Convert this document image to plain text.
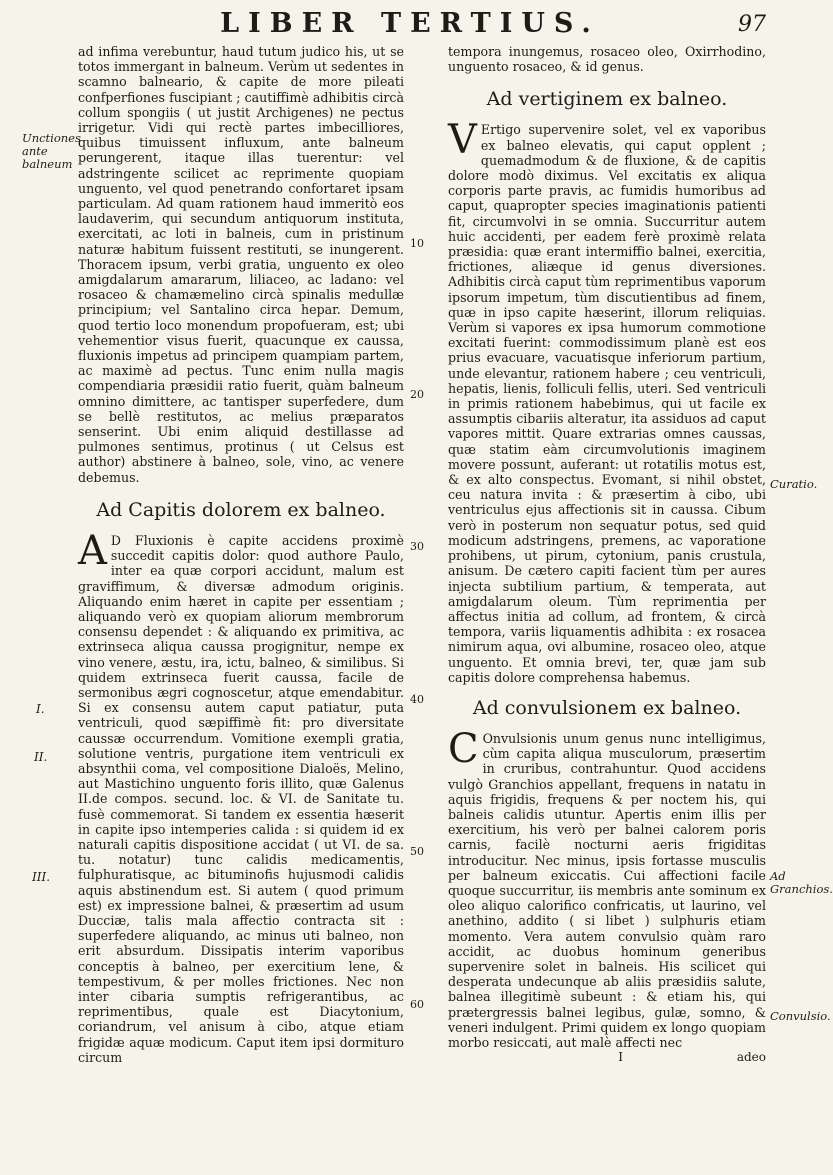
LIBER TERTIUS.	97
Unctiones ante balneum
I.
II.
III.
10
20
30
40
50
60
Curatio.
Ad Granchios.
Convulsio.

ad infima verebuntur, haud tutum judico his, ut se totos immergant in balneum. Verùm ut sedentes in scamno balneario, & capite de more pileati confperfiones fuscipiant ; cautiffimè adhibitis circà collum spongiis ( ut justit Archigenes) ne pectus irrigetur. Vidi qui rectè partes imbecilliores, quibus timuissent influxum, ante balneum perungerent, itaque illas tuerentur: vel adstringente scilicet ac reprimente quopiam unguento, vel quod penetrando confortaret ipsam particulam. Ad quam rationem haud immeritò eos laudaverim, qui secundum antiquorum instituta, exercitati, ac loti in balneis, cum in pristinum naturæ habitum fuissent restituti, se inungerent. Thoracem ipsum, verbi gratia, unguento ex oleo amigdalarum amararum, liliaceo, ac ladano: vel rosaceo & chamæmelino circà spinalis medullæ principium; vel Santalino circa hepar. Demum, quod tertio loco monendum propofueram, est; ubi vehementior visus fuerit, quacunque ex caussa, fluxionis impetus ad principem quampiam partem, ac maximè ad pectus. Tunc enim nulla magis compendiaria præsidii ratio fuerit, quàm balneum omnino dimittere, ac tantisper superfedere, dum se bellè restitutos, ac melius præparatos senserint. Ubi enim aliquid destillasse ad pulmones sentimus, protinus ( ut Celsus est author) abstinere à balneo, sole, vino, ac venere debemus.

Ad Capitis dolorem ex balneo.

A D Fluxionis è capite accidens proximè succedit capitis dolor: quod authore Paulo, inter ea quæ corpori accidunt, malum est graviffimum, & diversæ admodum originis. Aliquando enim hæret in capite per essentiam ; aliquando verò ex quopiam aliorum membrorum consensu dependet : & aliquando ex primitiva, ac extrinseca aliqua caussa progignitur, nempe ex vino venere, æstu, ira, ictu, balneo, & similibus. Si quidem extrinseca fuerit caussa, facile de sermonibus ægri cognoscetur, atque emendabitur. Si ex consensu autem caput patiatur, puta ventriculi, quod sæpiffimè fit: pro diversitate caussæ occurrendum. Vomitione exempli gratia, solutione ventris, purgatione item ventriculi ex absynthii coma, vel compositione Dialoës, Melino, aut Mastichino unguento foris illito, quæ Galenus II.de compos. secund. loc. & VI. de Sanitate tu. fusè commemorat. Si tandem ex essentia hæserit in capite ipso intemperies calida : si quidem id ex naturali capitis dispositione accidat ( ut VI. de sa. tu. notatur) tunc calidis medicamentis, fulphuratisque, ac bituminofis hujusmodi calidis aquis abstinendum est. Si autem ( quod primum est) ex impressione balnei, & præsertim ad usum Ducciæ, talis mala affectio contracta sit : superfedere aliquando, ac minus uti balneo, non erit absurdum. Dissipatis interim vaporibus conceptis à balneo, per exercitium lene, & tempestivum, & per molles frictiones. Nec non inter cibaria sumptis refrigerantibus, ac reprimentibus, quale est Diacytonium, coriandrum, vel anisum à cibo, atque etiam frigidæ aquæ modicum. Caput item ipsi dormituro circum

tempora inungemus, rosaceo oleo, Oxirrhodino, unguento rosaceo, & id genus.

Ad vertiginem ex balneo.

V Ertigo supervenire solet, vel ex vaporibus ex balneo elevatis, qui caput opplent ; quemadmodum & de fluxione, & de capitis dolore modò diximus. Vel excitatis ex aliqua corporis parte pravis, ac fumidis humoribus ad caput, quapropter species imaginationis patienti fit, circumvolvi in se omnia. Succurritur autem huic accidenti, per eadem ferè proximè relata præsidia: quæ erant intermiffio balnei, exercitia, frictiones, aliæque id genus diversiones. Adhibitis circà caput tùm reprimentibus vaporum ipsorum impetum, tùm discutientibus ad finem, quæ in ipso capite hæserint, illorum reliquias. Verùm si vapores ex ipsa humorum commotione excitati fuerint: commodissimum planè est eos prius evacuare, vacuatisque inferiorum partium, unde elevantur, rationem habere ; ceu ventriculi, hepatis, lienis, folliculi fellis, uteri. Sed ventriculi in primis rationem habebimus, qui ut facile ex assumptis cibariis alteratur, ita assiduos ad caput vapores mittit. Quare extrarias omnes caussas, quæ statim eàm circumvolutionis imaginem movere possunt, auferant: ut rotatilis motus est, & ex alto conspectus. Evomant, si nihil obstet, ceu natura invita : & præsertim à cibo, ubi ventriculus ejus affectionis sit in caussa. Cibum verò in posterum non sequatur potus, sed quid modicum adstringens, premens, ac vaporatione prohibens, ut pirum, cytonium, panis crustula, anisum. De cætero capiti facient tùm per aures injecta subtilium partium, & temperata, aut amigdalarum oleum. Tùm reprimentia per affectus initia ad collum, ad frontem, & circà tempora, variis liquamentis adhibita : ex rosacea nimirum aqua, ovi albumine, rosaceo oleo, atque unguento. Et omnia brevi, ter, quæ jam sub capitis dolore comprehensa habemus.

Ad convulsionem ex balneo.

C Onvulsionis unum genus nunc intelligimus, cùm capita aliqua musculorum, præsertim in cruribus, contrahuntur. Quod accidens vulgò Granchios appellant, frequens in natatu in aquis frigidis, frequens & per noctem his, qui balneis calidis utuntur. Apertis enim illis per exercitium, his verò per balnei calorem poris carnis, facilè nocturni aeris frigiditas introducitur. Nec minus, ipsis fortasse musculis per balneum exiccatis. Cui affectioni facile quoque succurritur, iis membris ante sominum ex oleo aliquo calorifico confricatis, ut laurino, vel anethino, addito ( si libet ) sulphuris etiam momento. Vera autem convulsio quàm raro accidit, ac duobus hominum generibus supervenire solet in balneis. His scilicet qui desperata undecunque ab aliis præsidiis salute, balnea illegitimè subeunt : & etiam his, qui prætergressis balnei legibus, gulæ, somno, & veneri indulgent. Primi quidem ex longo quopiam morbo resiccati, aut malè affecti nec

I	adeo
